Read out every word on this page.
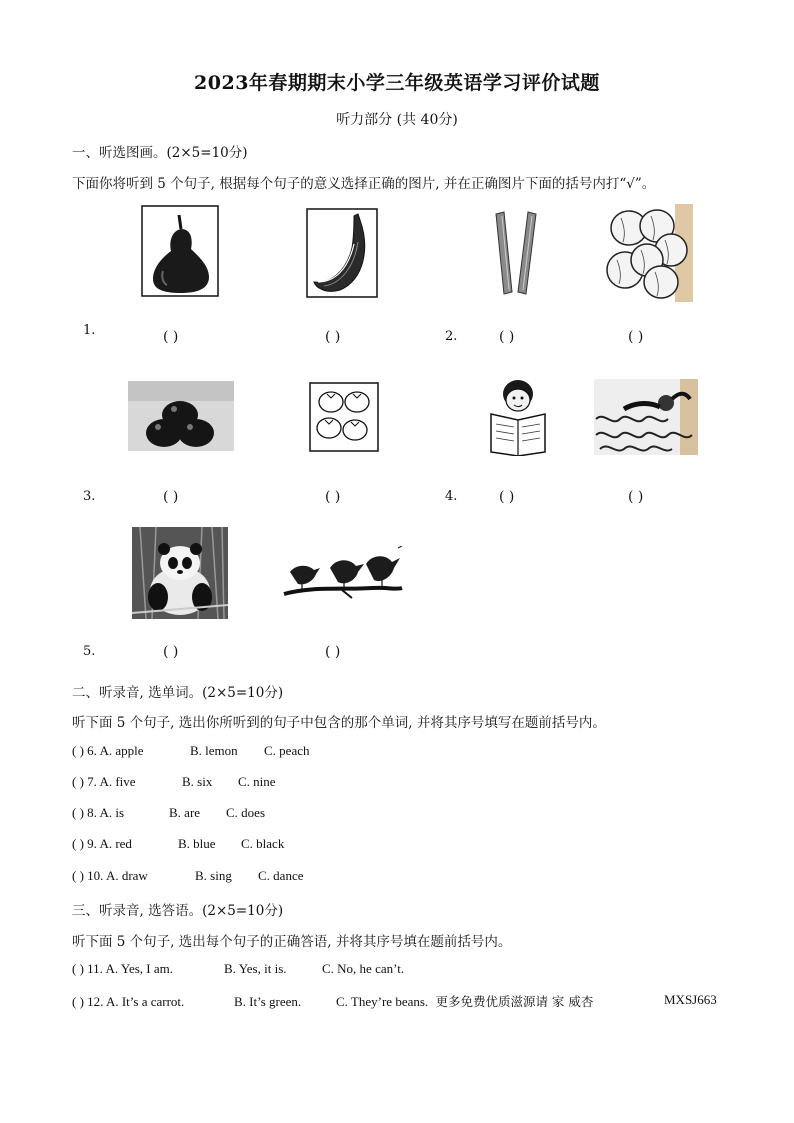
2023年春期期末小学三年级英语学习评价试题
听力部分 (共 40分)
一、听选图画。(2×5=10分)
下面你将听到 5 个句子, 根据每个句子的意义选择正确的图片, 并在正确图片下面的括号内打“√”。
1.	( )	( )	2.	( )	( )
3.	( )	( )	4.	( )	( )
5.	( )	( )
二、听录音, 选单词。(2×5=10分)
听下面 5 个句子, 选出你所听到的句子中包含的那个单词, 并将其序号填写在题前括号内。
( ) 6. A. apple	B. lemon C. peach
( ) 7. A. five	B. six C. nine
( ) 8. A. is	B. are C. does
( ) 9. A. red	B. blue C. black
( ) 10. A. draw	B. sing C. dance
三、听录音, 选答语。(2×5=10分)
听下面 5 个句子, 选出每个句子的正确答语, 并将其序号填在题前括号内。
( ) 11. A. Yes, I am.	B. Yes, it is.	C. No, he can’t.
( ) 12. A. It’s a carrot.	B. It’s green.	C. They’re beans. 更多免费优质滋源请 家 威杏	MXSJ663
